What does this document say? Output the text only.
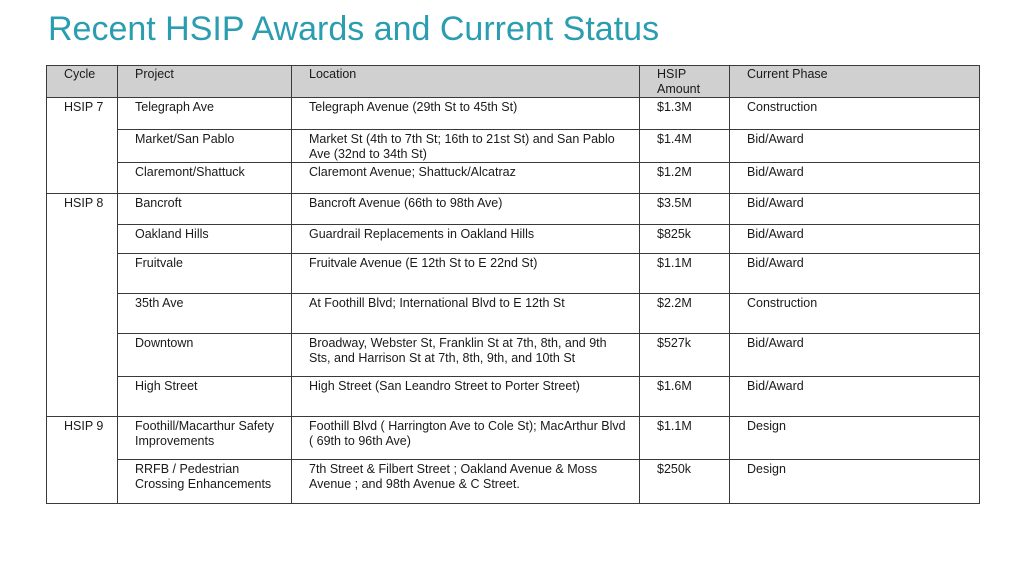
Recent HSIP Awards and Current Status
Cycle	Project	Location	HSIP Amount	Current Phase
HSIP 7	Telegraph Ave	Telegraph Avenue (29th St to 45th St)	$1.3M	Construction
	Market/San Pablo	Market St (4th to 7th St; 16th to 21st St) and San Pablo Ave (32nd to 34th St)	$1.4M	Bid/Award
	Claremont/Shattuck	Claremont Avenue; Shattuck/Alcatraz	$1.2M	Bid/Award
HSIP 8	Bancroft	Bancroft Avenue (66th to 98th Ave)	$3.5M	Bid/Award
	Oakland Hills	Guardrail Replacements in Oakland Hills	$825k	Bid/Award
	Fruitvale	Fruitvale Avenue (E 12th St to E 22nd St)	$1.1M	Bid/Award
	35th Ave	At Foothill Blvd; International Blvd to E 12th St	$2.2M	Construction
	Downtown	Broadway, Webster St, Franklin St at 7th, 8th, and 9th Sts, and Harrison St at 7th, 8th, 9th, and 10th St	$527k	Bid/Award
	High Street	High Street (San Leandro Street to Porter Street)	$1.6M	Bid/Award
HSIP 9	Foothill/Macarthur Safety Improvements	Foothill Blvd ( Harrington Ave to Cole St); MacArthur Blvd ( 69th to 96th Ave)	$1.1M	Design
	RRFB / Pedestrian Crossing Enhancements	7th Street & Filbert Street ; Oakland Avenue & Moss Avenue ; and 98th Avenue & C Street.	$250k	Design
